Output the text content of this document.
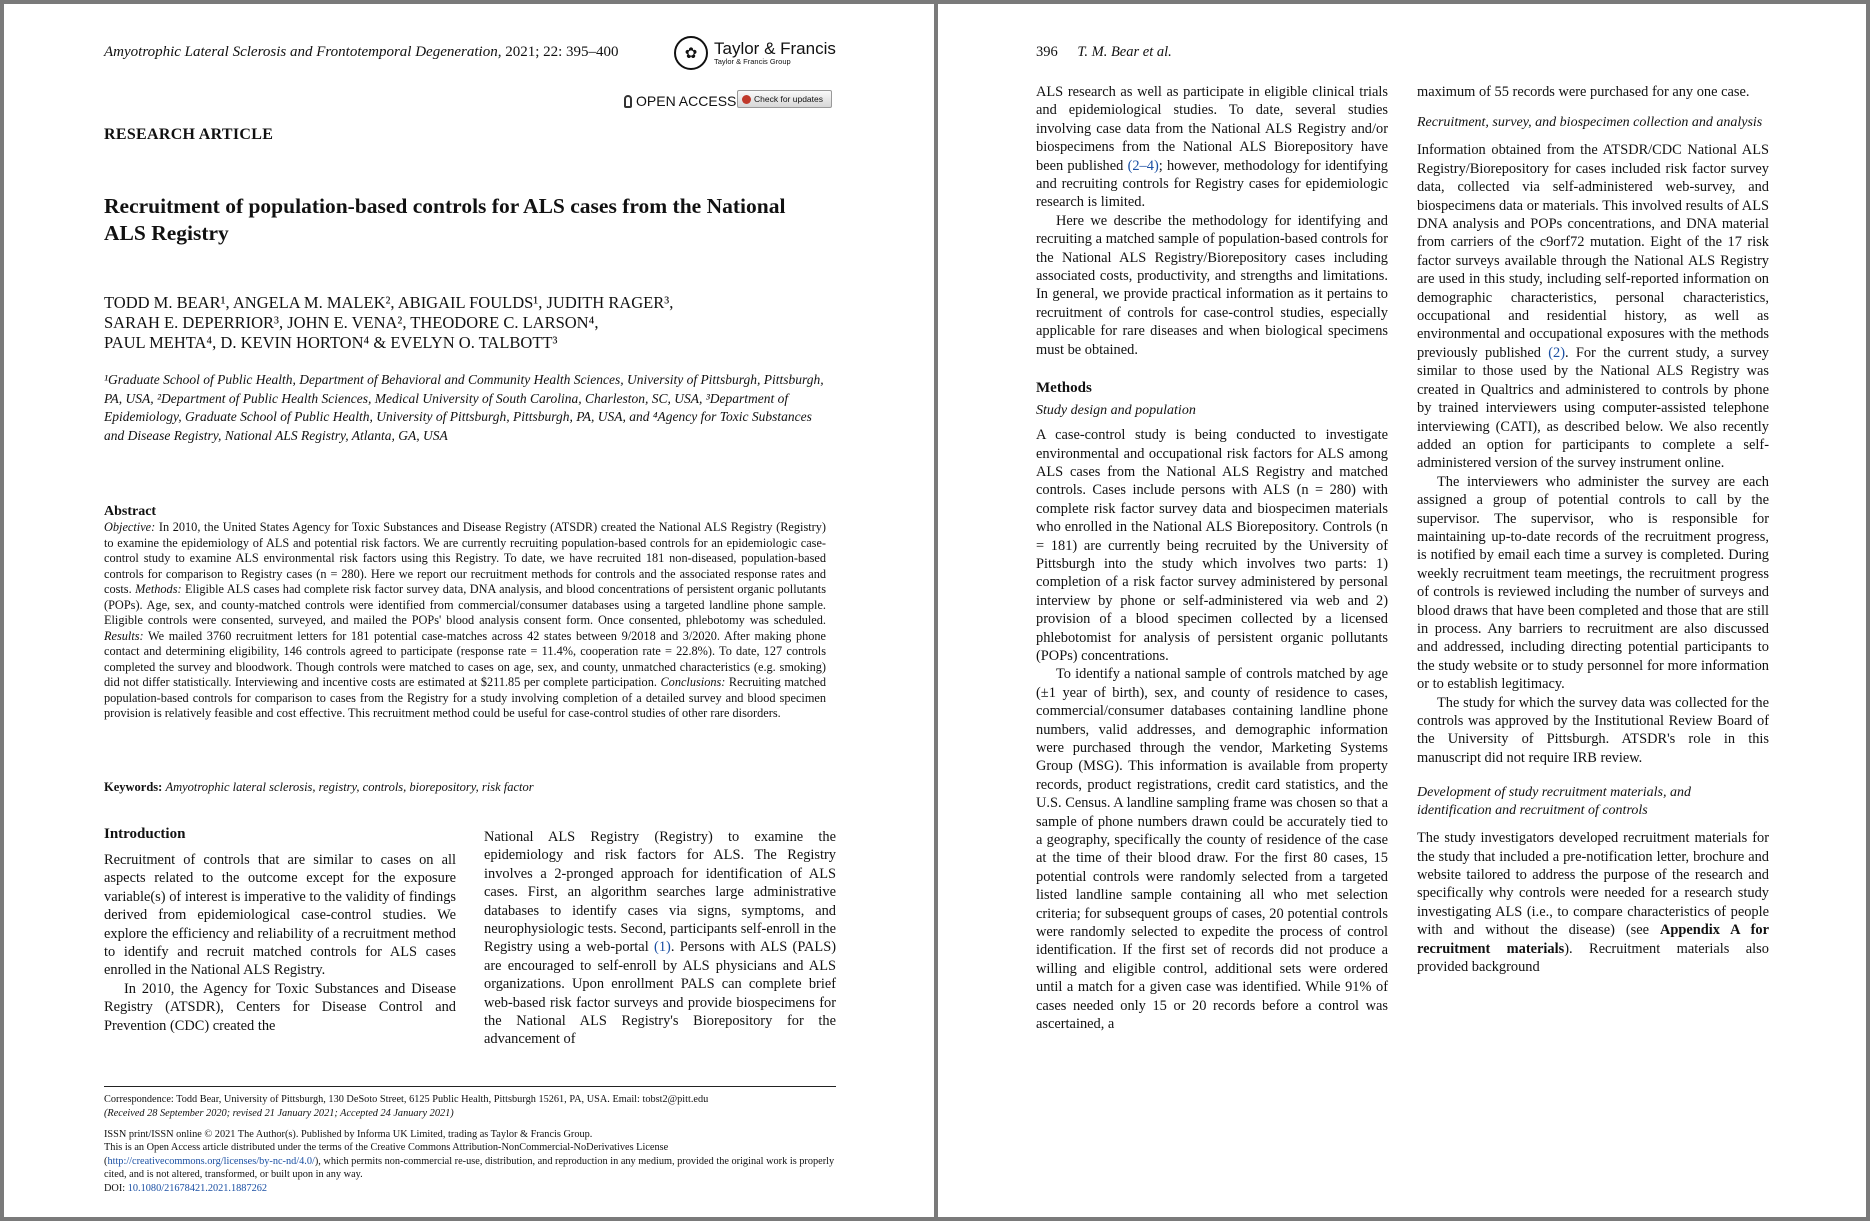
Amyotrophic Lateral Sclerosis and Frontotemporal Degeneration, 2021; 22: 395–400	✿ Taylor & Francis
Taylor & Francis Group
OPEN ACCESS Check for updates
RESEARCH ARTICLE
Recruitment of population-based controls for ALS cases from the National ALS Registry
TODD M. BEAR¹, ANGELA M. MALEK², ABIGAIL FOULDS¹, JUDITH RAGER³,
SARAH E. DEPERRIOR³, JOHN E. VENA², THEODORE C. LARSON⁴,
PAUL MEHTA⁴, D. KEVIN HORTON⁴ & EVELYN O. TALBOTT³
¹Graduate School of Public Health, Department of Behavioral and Community Health Sciences, University of Pittsburgh, Pittsburgh, PA, USA, ²Department of Public Health Sciences, Medical University of South Carolina, Charleston, SC, USA, ³Department of Epidemiology, Graduate School of Public Health, University of Pittsburgh, Pittsburgh, PA, USA, and ⁴Agency for Toxic Substances and Disease Registry, National ALS Registry, Atlanta, GA, USA
Abstract
Objective: In 2010, the United States Agency for Toxic Substances and Disease Registry (ATSDR) created the National ALS Registry (Registry) to examine the epidemiology of ALS and potential risk factors. We are currently recruiting population-based controls for an epidemiologic case-control study to examine ALS environmental risk factors using this Registry. To date, we have recruited 181 non-diseased, population-based controls for comparison to Registry cases (n = 280). Here we report our recruitment methods for controls and the associated response rates and costs. Methods: Eligible ALS cases had complete risk factor survey data, DNA analysis, and blood concentrations of persistent organic pollutants (POPs). Age, sex, and county-matched controls were identified from commercial/consumer databases using a targeted landline phone sample. Eligible controls were consented, surveyed, and mailed the POPs' blood analysis consent form. Once consented, phlebotomy was scheduled. Results: We mailed 3760 recruitment letters for 181 potential case-matches across 42 states between 9/2018 and 3/2020. After making phone contact and determining eligibility, 146 controls agreed to participate (response rate = 11.4%, cooperation rate = 22.8%). To date, 127 controls completed the survey and bloodwork. Though controls were matched to cases on age, sex, and county, unmatched characteristics (e.g. smoking) did not differ statistically. Interviewing and incentive costs are estimated at $211.85 per complete participation. Conclusions: Recruiting matched population-based controls for comparison to cases from the Registry for a study involving completion of a detailed survey and blood specimen provision is relatively feasible and cost effective. This recruitment method could be useful for case-control studies of other rare disorders.
Keywords: Amyotrophic lateral sclerosis, registry, controls, biorepository, risk factor
Introduction

Recruitment of controls that are similar to cases on all aspects related to the outcome except for the exposure variable(s) of interest is imperative to the validity of findings derived from epidemiological case-control studies. We explore the efficiency and reliability of a recruitment method to identify and recruit matched controls for ALS cases enrolled in the National ALS Registry.

In 2010, the Agency for Toxic Substances and Disease Registry (ATSDR), Centers for Disease Control and Prevention (CDC) created the

National ALS Registry (Registry) to examine the epidemiology and risk factors for ALS. The Registry involves a 2-pronged approach for identification of ALS cases. First, an algorithm searches large administrative databases to identify cases via signs, symptoms, and neurophysiologic tests. Second, participants self-enroll in the Registry using a web-portal (1). Persons with ALS (PALS) are encouraged to self-enroll by ALS physicians and ALS organizations. Upon enrollment PALS can complete brief web-based risk factor surveys and provide biospecimens for the National ALS Registry's Biorepository for the advancement of

Correspondence: Todd Bear, University of Pittsburgh, 130 DeSoto Street, 6125 Public Health, Pittsburgh 15261, PA, USA. Email: tobst2@pitt.edu
(Received 28 September 2020; revised 21 January 2021; Accepted 24 January 2021)
ISSN print/ISSN online © 2021 The Author(s). Published by Informa UK Limited, trading as Taylor & Francis Group.
This is an Open Access article distributed under the terms of the Creative Commons Attribution-NonCommercial-NoDerivatives License (http://creativecommons.org/licenses/by-nc-nd/4.0/), which permits non-commercial re-use, distribution, and reproduction in any medium, provided the original work is properly cited, and is not altered, transformed, or built upon in any way.
DOI: 10.1080/21678421.2021.1887262
396 T. M. Bear et al.

ALS research as well as participate in eligible clinical trials and epidemiological studies. To date, several studies involving case data from the National ALS Registry and/or biospecimens from the National ALS Biorepository have been published (2–4); however, methodology for identifying and recruiting controls for Registry cases for epidemiologic research is limited.

Here we describe the methodology for identifying and recruiting a matched sample of population-based controls for the National ALS Registry/Biorepository cases including associated costs, productivity, and strengths and limitations. In general, we provide practical information as it pertains to recruitment of controls for case-control studies, especially applicable for rare diseases and when biological specimens must be obtained.

Methods

Study design and population

A case-control study is being conducted to investigate environmental and occupational risk factors for ALS among ALS cases from the National ALS Registry and matched controls. Cases include persons with ALS (n = 280) with complete risk factor survey data and biospecimen materials who enrolled in the National ALS Biorepository. Controls (n = 181) are currently being recruited by the University of Pittsburgh into the study which involves two parts: 1) completion of a risk factor survey administered by personal interview by phone or self-administered via web and 2) provision of a blood specimen collected by a licensed phlebotomist for analysis of persistent organic pollutants (POPs) concentrations.

To identify a national sample of controls matched by age (±1 year of birth), sex, and county of residence to cases, commercial/consumer databases containing landline phone numbers, valid addresses, and demographic information were purchased through the vendor, Marketing Systems Group (MSG). This information is available from property records, product registrations, credit card statistics, and the U.S. Census. A landline sampling frame was chosen so that a sample of phone numbers drawn could be accurately tied to a geography, specifically the county of residence of the case at the time of their blood draw. For the first 80 cases, 15 potential controls were randomly selected from a targeted listed landline sample containing all who met selection criteria; for subsequent groups of cases, 20 potential controls were randomly selected to expedite the process of control identification. If the first set of records did not produce a willing and eligible control, additional sets were ordered until a match for a given case was identified. While 91% of cases needed only 15 or 20 records before a control was ascertained, a

maximum of 55 records were purchased for any one case.

Recruitment, survey, and biospecimen collection and analysis

Information obtained from the ATSDR/CDC National ALS Registry/Biorepository for cases included risk factor survey data, collected via self-administered web-survey, and biospecimens data or materials. This involved results of ALS DNA analysis and POPs concentrations, and DNA material from carriers of the c9orf72 mutation. Eight of the 17 risk factor surveys available through the National ALS Registry are used in this study, including self-reported information on demographic characteristics, personal characteristics, occupational and residential history, as well as environmental and occupational exposures with the methods previously published (2). For the current study, a survey similar to those used by the National ALS Registry was created in Qualtrics and administered to controls by phone by trained interviewers using computer-assisted telephone interviewing (CATI), as described below. We also recently added an option for participants to complete a self-administered version of the survey instrument online.

The interviewers who administer the survey are each assigned a group of potential controls to call by the supervisor. The supervisor, who is responsible for maintaining up-to-date records of the recruitment progress, is notified by email each time a survey is completed. During weekly recruitment team meetings, the recruitment progress of controls is reviewed including the number of surveys and blood draws that have been completed and those that are still in process. Any barriers to recruitment are also discussed and addressed, including directing potential participants to the study website or to study personnel for more information or to establish legitimacy.

The study for which the survey data was collected for the controls was approved by the Institutional Review Board of the University of Pittsburgh. ATSDR's role in this manuscript did not require IRB review.

Development of study recruitment materials, and identification and recruitment of controls

The study investigators developed recruitment materials for the study that included a pre-notification letter, brochure and website tailored to address the purpose of the research and specifically why controls were needed for a research study investigating ALS (i.e., to compare characteristics of people with and without the disease) (see Appendix A for recruitment materials). Recruitment materials also provided background
